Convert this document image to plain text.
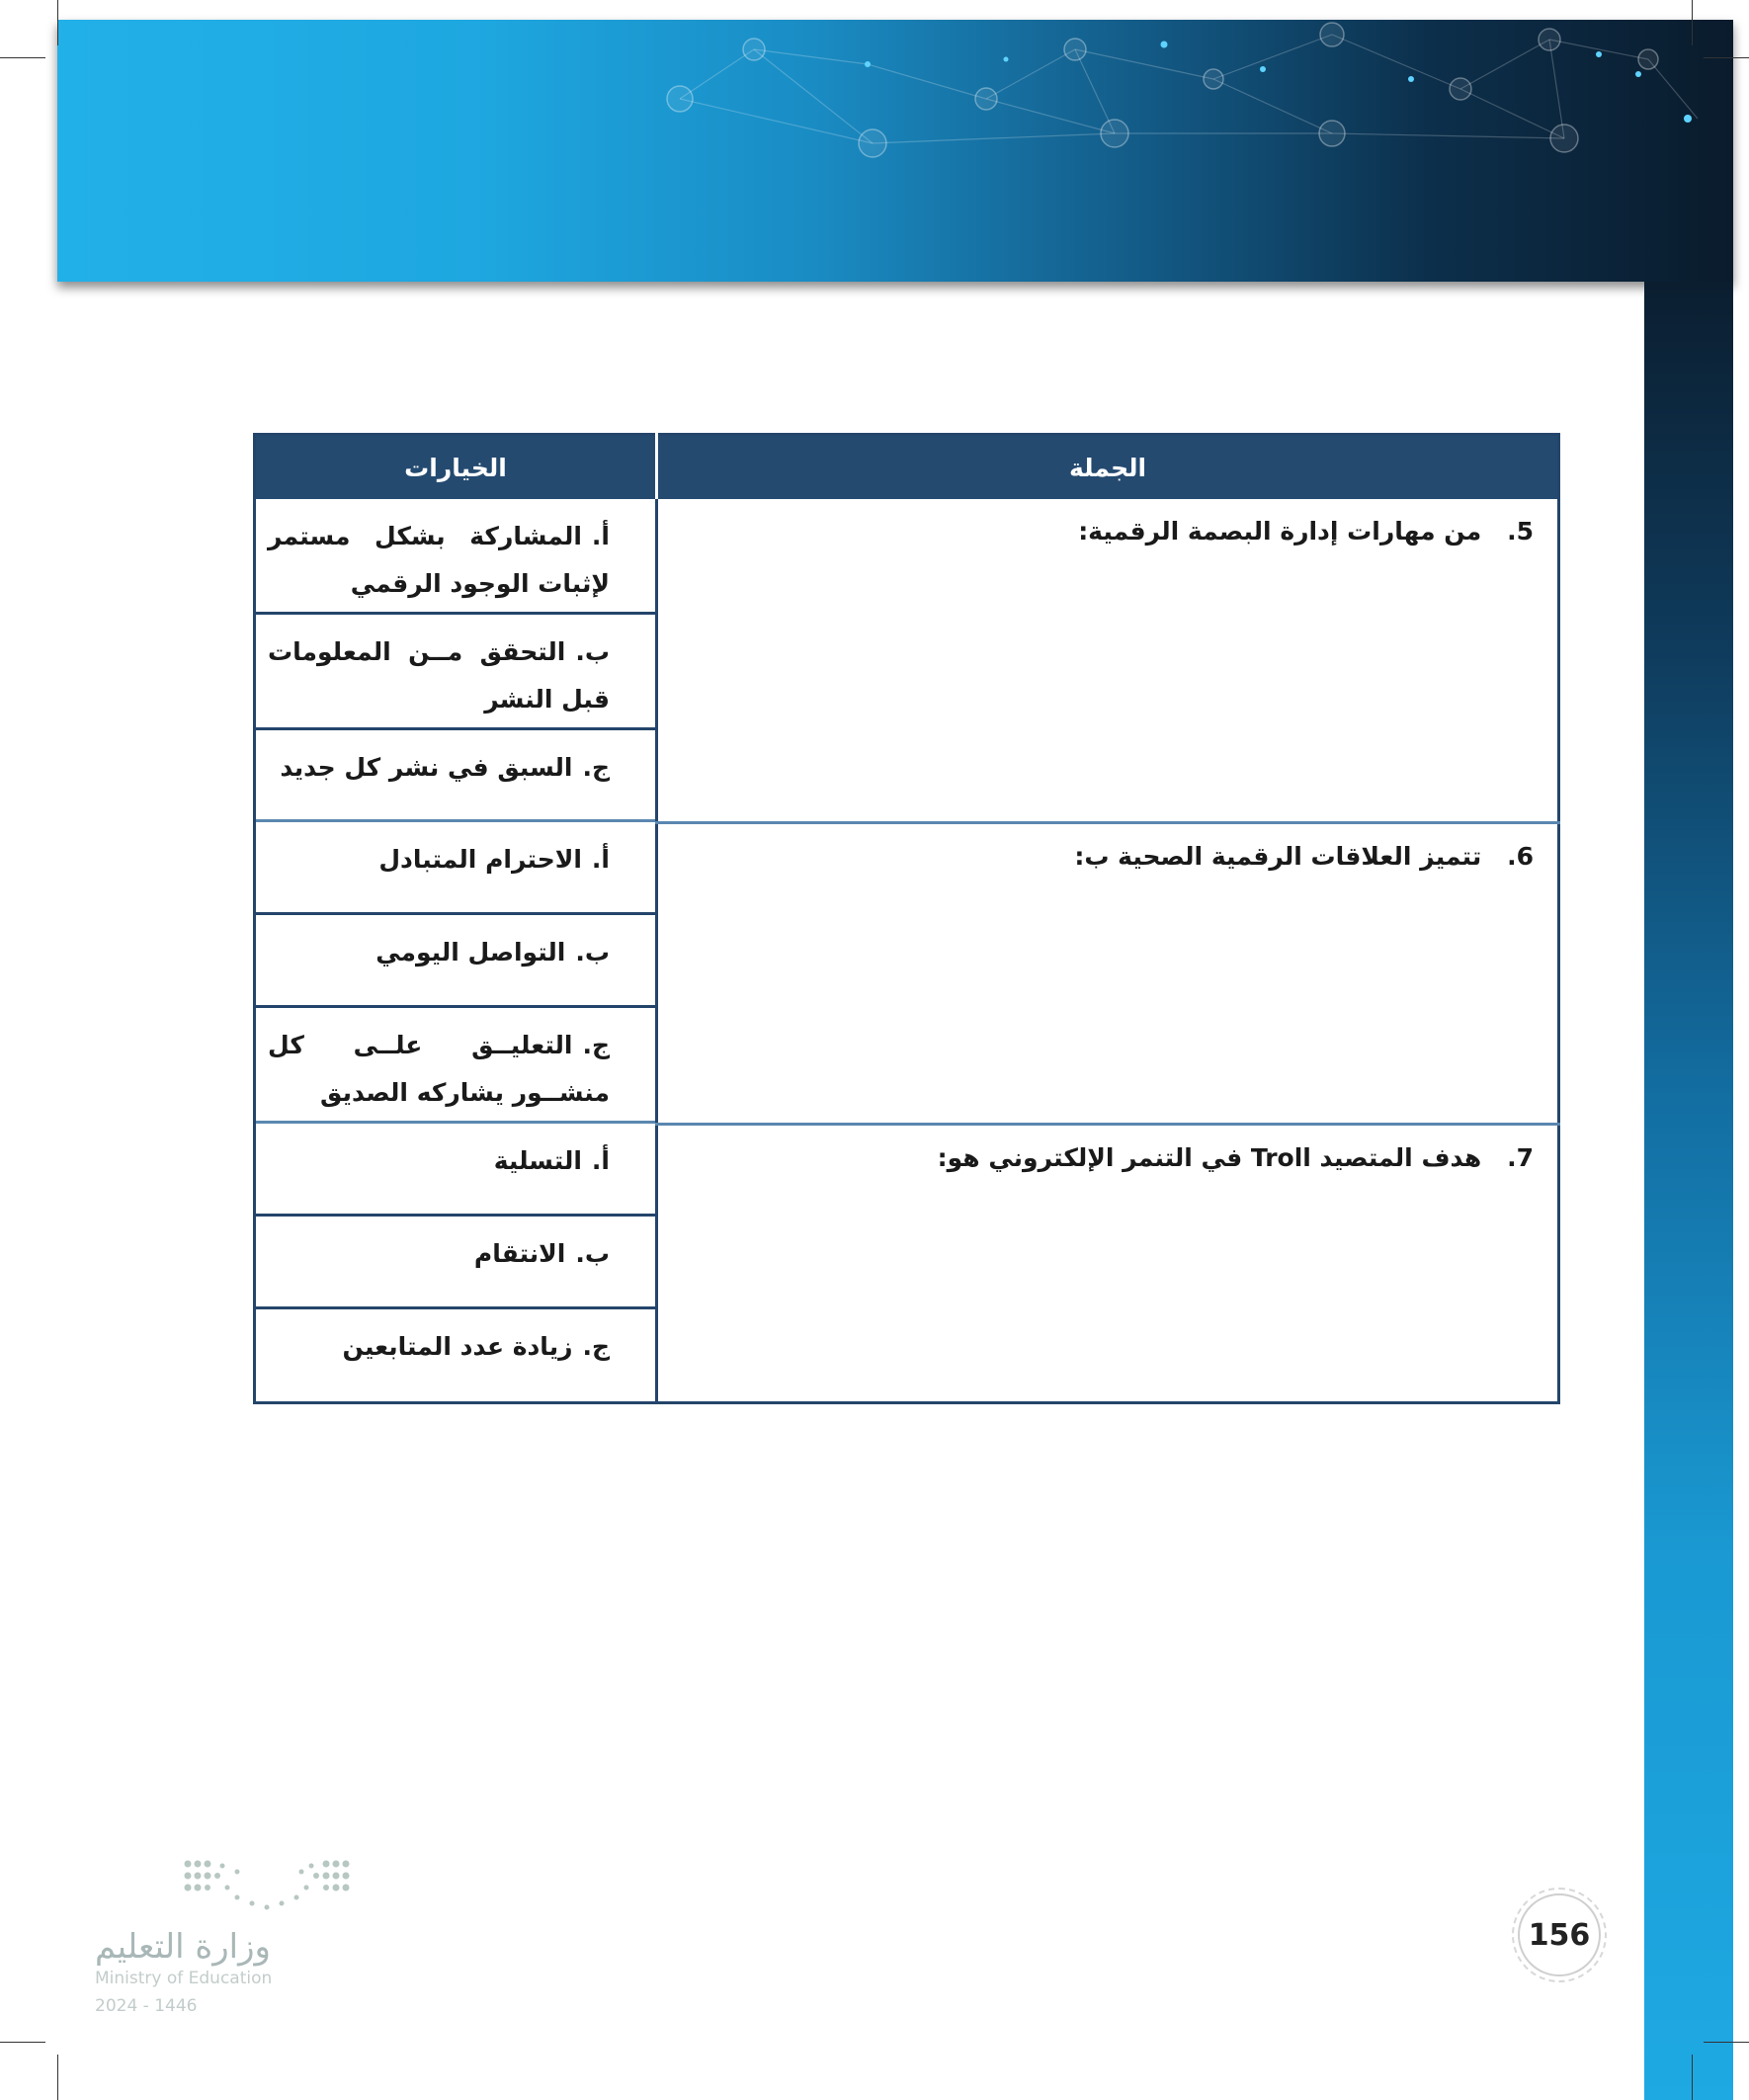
الجملة	الخيارات
5. من مهارات إدارة البصمة الرقمية:	أ.المشاركة بشكل مستمر لإثبات الوجود الرقمي
ب.التحقق مــن المعلومات قبل النشر
ج.السبق في نشر كل جديد

6. تتميز العلاقات الرقمية الصحية ب:	أ.الاحترام المتبادل
ب.التواصل اليومي
ج.التعليــق علــى كل منشــور يشاركه الصديق

7. هدف المتصيد Troll في التنمر الإلكتروني هو:	أ.التسلية
ب.الانتقام
ج.زيادة عدد المتابعين
وزارة التعليم
Ministry of Education
2024 - 1446
156
